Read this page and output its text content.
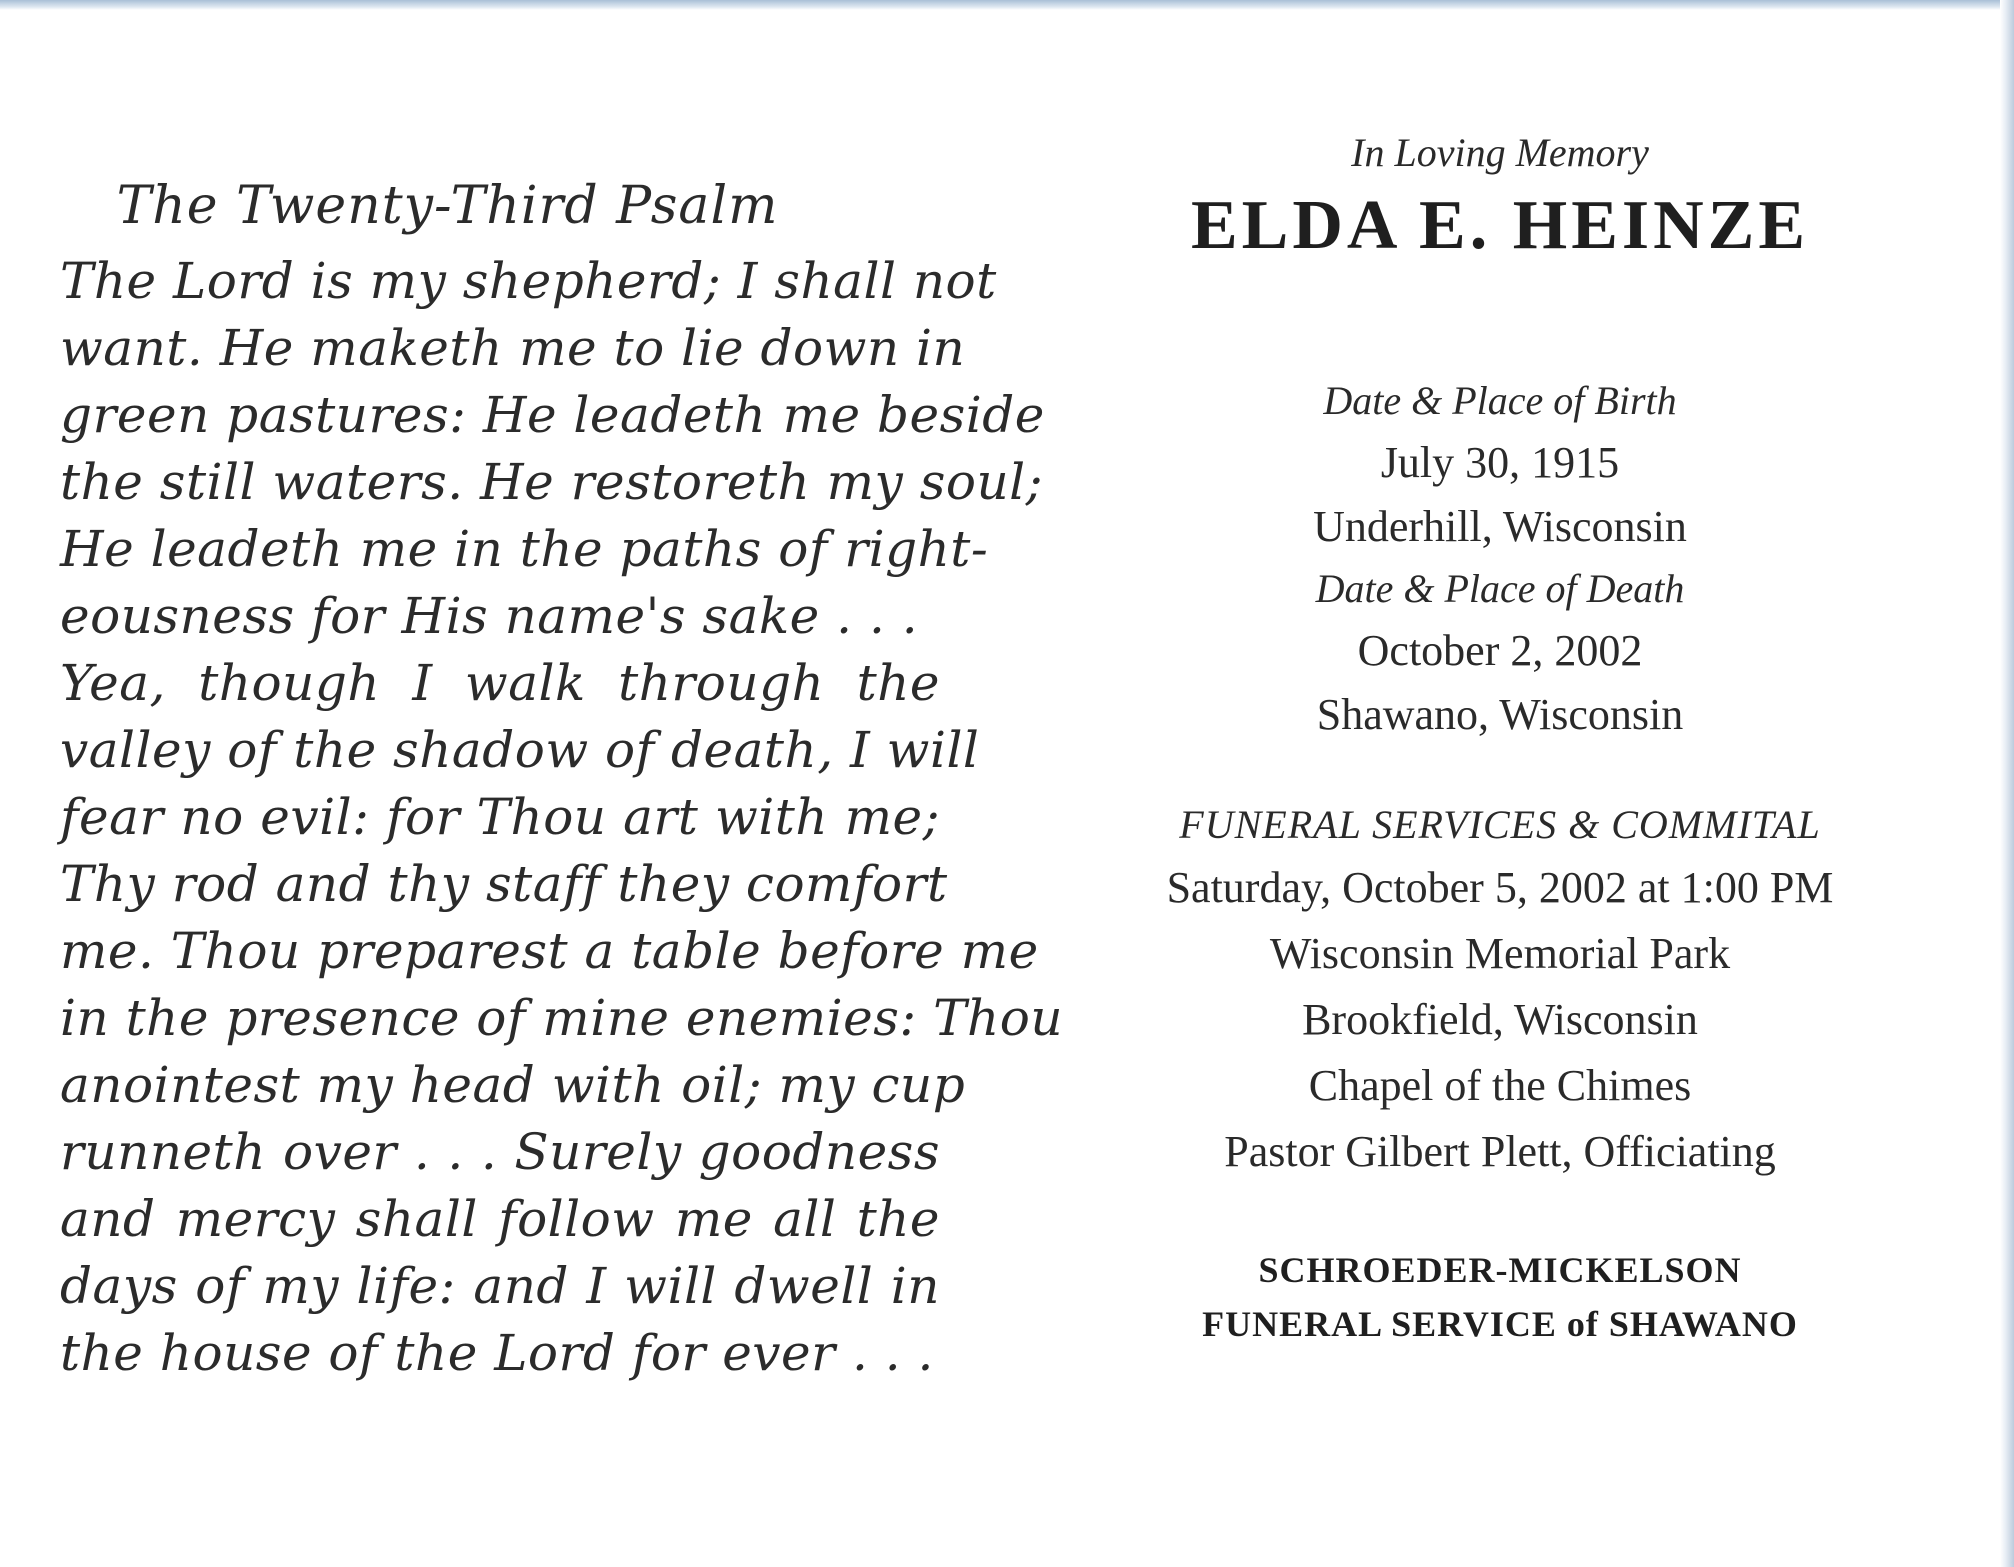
The Twenty-Third Psalm
The Lord is my shepherd; I shall not
want. He maketh me to lie down in
green pastures: He leadeth me beside
the still waters. He restoreth my soul;
He leadeth me in the paths of right-
eousness for His name's sake . . .
Yea, though I walk through the
valley of the shadow of death, I will
fear no evil: for Thou art with me;
Thy rod and thy staff they comfort
me. Thou preparest a table before me
in the presence of mine enemies: Thou
anointest my head with oil; my cup
runneth over . . . Surely goodness
and mercy shall follow me all the
days of my life: and I will dwell in
the house of the Lord for ever . . .
In Loving Memory
ELDA E. HEINZE
Date & Place of Birth
July 30, 1915
Underhill, Wisconsin
Date & Place of Death
October 2, 2002
Shawano, Wisconsin
FUNERAL SERVICES & COMMITAL
Saturday, October 5, 2002 at 1:00 PM
Wisconsin Memorial Park
Brookfield, Wisconsin
Chapel of the Chimes
Pastor Gilbert Plett, Officiating
SCHROEDER-MICKELSON
FUNERAL SERVICE of SHAWANO
